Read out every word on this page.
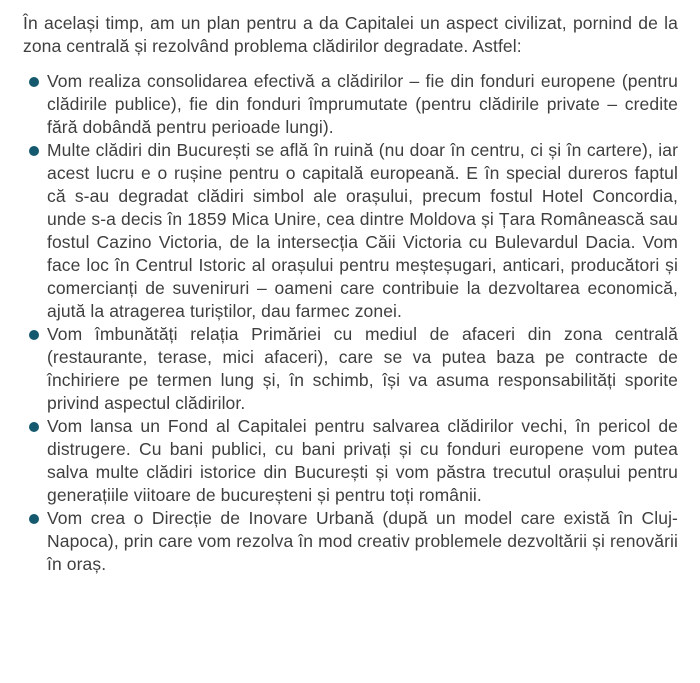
În același timp, am un plan pentru a da Capitalei un aspect civilizat, pornind de la zona centrală și rezolvând problema clădirilor degradate. Astfel:

Vom realiza consolidarea efectivă a clădirilor – fie din fonduri europene (pentru clădirile publice), fie din fonduri împrumutate (pentru clădirile private – credite fără dobândă pentru perioade lungi).
Multe clădiri din București se află în ruină (nu doar în centru, ci și în cartere), iar acest lucru e o rușine pentru o capitală europeană. E în special dureros faptul că s-au degradat clădiri simbol ale orașului, precum fostul Hotel Concordia, unde s-a decis în 1859 Mica Unire, cea dintre Moldova și Țara Românească sau fostul Cazino Victoria, de la intersecția Căii Victoria cu Bulevardul Dacia. Vom face loc în Centrul Istoric al orașului pentru meșteșugari, anticari, producători și comercianți de suveniruri – oameni care contribuie la dezvoltarea economică, ajută la atragerea turiștilor, dau farmec zonei.
Vom îmbunătăți relația Primăriei cu mediul de afaceri din zona centrală (restaurante, terase, mici afaceri), care se va putea baza pe contracte de închiriere pe termen lung și, în schimb, își va asuma responsabilități sporite privind aspectul clădirilor.
Vom lansa un Fond al Capitalei pentru salvarea clădirilor vechi, în pericol de distrugere. Cu bani publici, cu bani privați și cu fonduri europene vom putea salva multe clădiri istorice din București și vom păstra trecutul orașului pentru generațiile viitoare de bucureșteni și pentru toți românii.
Vom crea o Direcție de Inovare Urbană (după un model care există în Cluj-Napoca), prin care vom rezolva în mod creativ problemele dezvoltării și renovării în oraș.
